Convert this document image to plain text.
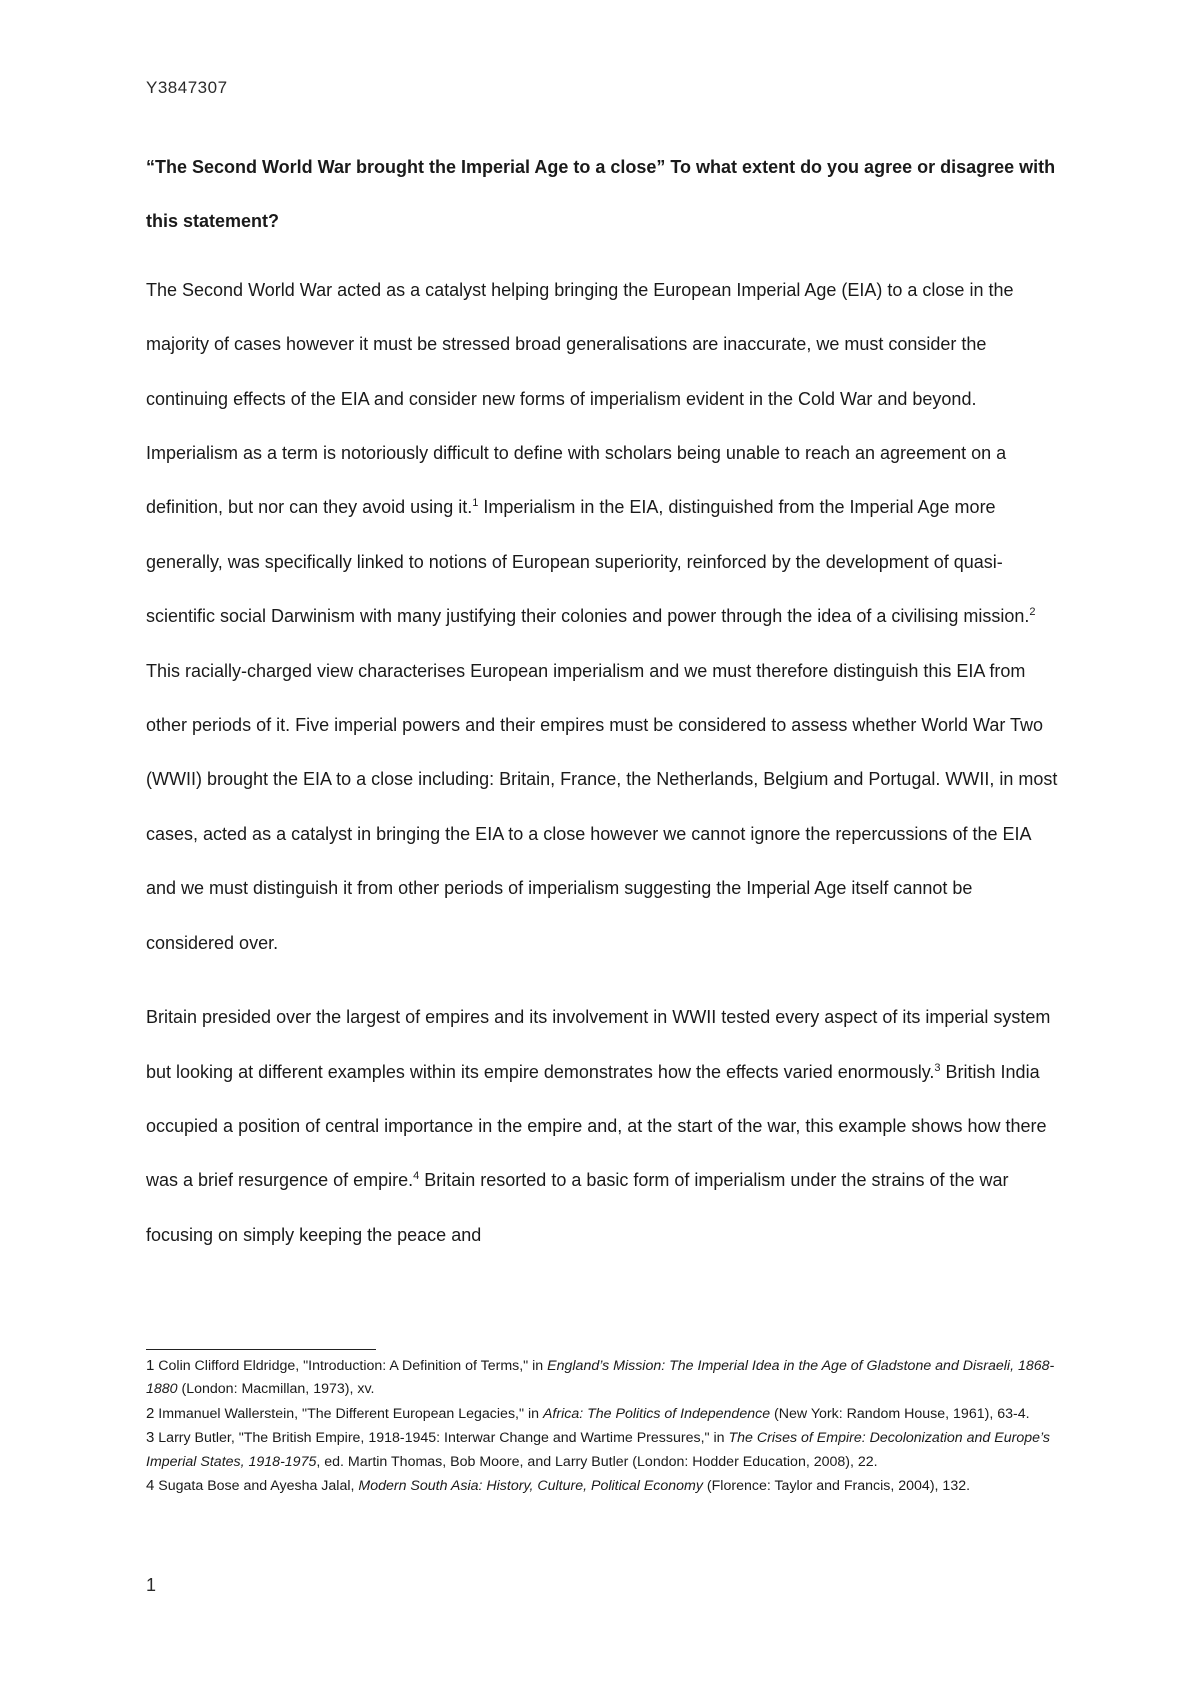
Y3847307

“The Second World War brought the Imperial Age to a close” To what extent do you agree or disagree with this statement?

The Second World War acted as a catalyst helping bringing the European Imperial Age (EIA) to a close in the majority of cases however it must be stressed broad generalisations are inaccurate, we must consider the continuing effects of the EIA and consider new forms of imperialism evident in the Cold War and beyond. Imperialism as a term is notoriously difficult to define with scholars being unable to reach an agreement on a definition, but nor can they avoid using it.$^1$ Imperialism in the EIA, distinguished from the Imperial Age more generally, was specifically linked to notions of European superiority, reinforced by the development of quasi-scientific social Darwinism with many justifying their colonies and power through the idea of a civilising mission.$^2$ This racially-charged view characterises European imperialism and we must therefore distinguish this EIA from other periods of it. Five imperial powers and their empires must be considered to assess whether World War Two (WWII) brought the EIA to a close including: Britain, France, the Netherlands, Belgium and Portugal. WWII, in most cases, acted as a catalyst in bringing the EIA to a close however we cannot ignore the repercussions of the EIA and we must distinguish it from other periods of imperialism suggesting the Imperial Age itself cannot be considered over.

Britain presided over the largest of empires and its involvement in WWII tested every aspect of its imperial system but looking at different examples within its empire demonstrates how the effects varied enormously.$^3$ British India occupied a position of central importance in the empire and, at the start of the war, this example shows how there was a brief resurgence of empire.$^4$ Britain resorted to a basic form of imperialism under the strains of the war focusing on simply keeping the peace and

1 Colin Clifford Eldridge, "Introduction: A Definition of Terms," in England’s Mission: The Imperial Idea in the Age of Gladstone and Disraeli, 1868-1880 (London: Macmillan, 1973), xv.

2 Immanuel Wallerstein, "The Different European Legacies," in Africa: The Politics of Independence (New York: Random House, 1961), 63-4.

3 Larry Butler, "The British Empire, 1918-1945: Interwar Change and Wartime Pressures," in The Crises of Empire: Decolonization and Europe’s Imperial States, 1918-1975, ed. Martin Thomas, Bob Moore, and Larry Butler (London: Hodder Education, 2008), 22.

4 Sugata Bose and Ayesha Jalal, Modern South Asia: History, Culture, Political Economy (Florence: Taylor and Francis, 2004), 132.

1
